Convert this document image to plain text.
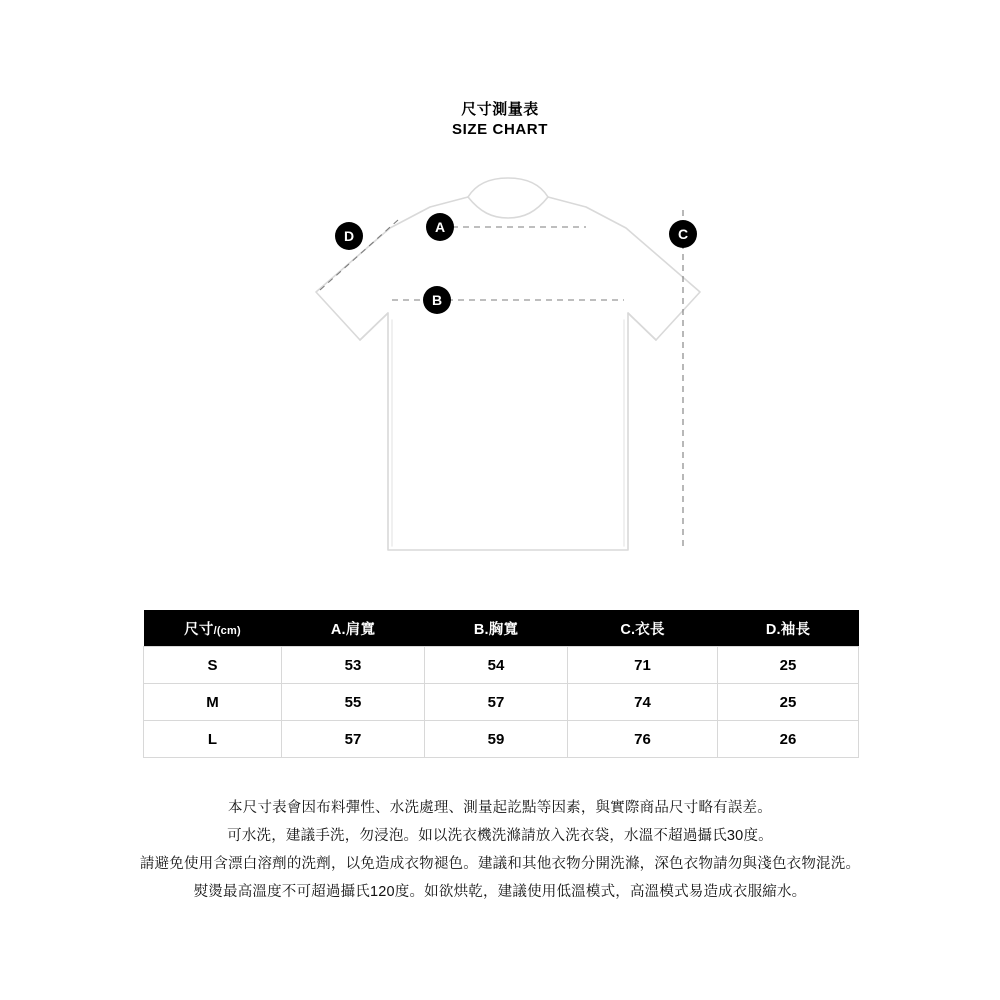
尺寸測量表
SIZE CHART
A
B
C
D
尺寸/(cm)	A.肩寬	B.胸寬	C.衣長	D.袖長
S	53	54	71	25
M	55	57	74	25
L	57	59	76	26

本尺寸表會因布料彈性、水洗處理、測量起訖點等因素，與實際商品尺寸略有誤差。

可水洗，建議手洗，勿浸泡。如以洗衣機洗滌請放入洗衣袋，水溫不超過攝氏30度。

請避免使用含漂白溶劑的洗劑，以免造成衣物褪色。建議和其他衣物分開洗滌，深色衣物請勿與淺色衣物混洗。

熨燙最高溫度不可超過攝氏120度。如欲烘乾，建議使用低溫模式，高溫模式易造成衣服縮水。
